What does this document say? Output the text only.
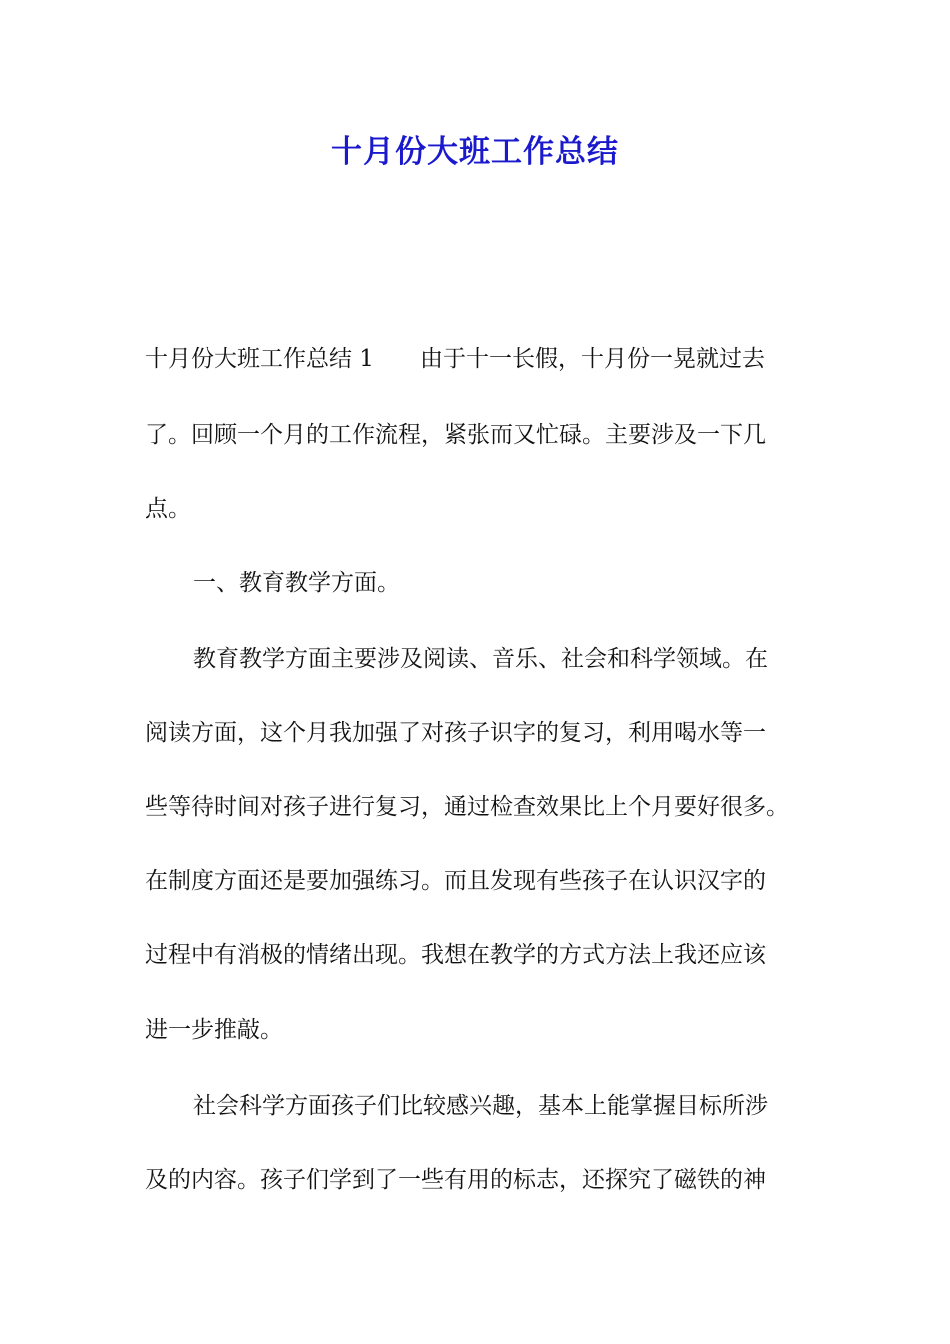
十月份大班工作总结
十月份大班工作总结 1　　由于十一长假，十月份一晃就过去
了。回顾一个月的工作流程，紧张而又忙碌。主要涉及一下几
点。
一、教育教学方面。
教育教学方面主要涉及阅读、音乐、社会和科学领域。在
阅读方面，这个月我加强了对孩子识字的复习，利用喝水等一
些等待时间对孩子进行复习，通过检查效果比上个月要好很多。
在制度方面还是要加强练习。而且发现有些孩子在认识汉字的
过程中有消极的情绪出现。我想在教学的方式方法上我还应该
进一步推敲。
社会科学方面孩子们比较感兴趣，基本上能掌握目标所涉
及的内容。孩子们学到了一些有用的标志，还探究了磁铁的神
